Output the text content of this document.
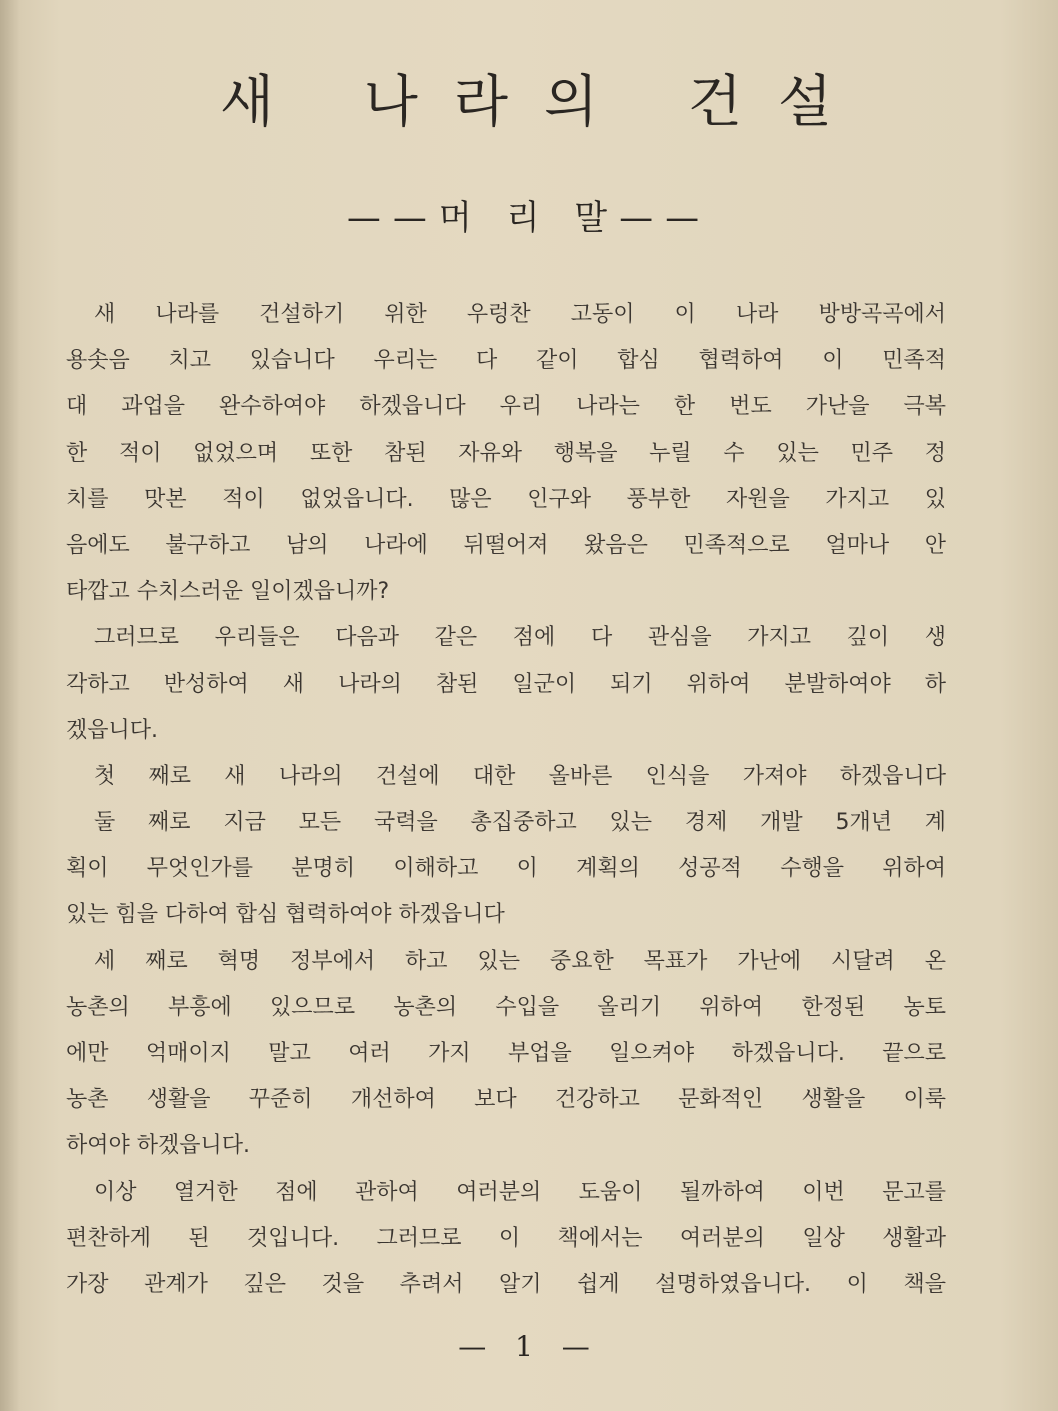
새 나라의 건설
——머 리 말——
새 나라를 건설하기 위한 우렁찬 고동이 이 나라 방방곡곡에서
용솟음 치고 있습니다 우리는 다 같이 합심 협력하여 이 민족적
대 과업을 완수하여야 하겠읍니다 우리 나라는 한 번도 가난을 극복
한 적이 없었으며 또한 참된 자유와 행복을 누릴 수 있는 민주 정
치를 맛본 적이 없었읍니다. 많은 인구와 풍부한 자원을 가지고 있
음에도 불구하고 남의 나라에 뒤떨어져 왔음은 민족적으로 얼마나 안
타깝고 수치스러운 일이겠읍니까?
그러므로 우리들은 다음과 같은 점에 다 관심을 가지고 깊이 생
각하고 반성하여 새 나라의 참된 일군이 되기 위하여 분발하여야 하
겠읍니다.
첫 째로 새 나라의 건설에 대한 올바른 인식을 가져야 하겠읍니다
둘 째로 지금 모든 국력을 총집중하고 있는 경제 개발 5개년 계
획이 무엇인가를 분명히 이해하고 이 계획의 성공적 수행을 위하여
있는 힘을 다하여 합심 협력하여야 하겠읍니다
세 째로 혁명 정부에서 하고 있는 중요한 목표가 가난에 시달려 온
농촌의 부흥에 있으므로 농촌의 수입을 올리기 위하여 한정된 농토
에만 억매이지 말고 여러 가지 부업을 일으켜야 하겠읍니다. 끝으로
농촌 생활을 꾸준히 개선하여 보다 건강하고 문화적인 생활을 이룩
하여야 하겠읍니다.
이상 열거한 점에 관하여 여러분의 도움이 될까하여 이번 문고를
편찬하게 된 것입니다. 그러므로 이 책에서는 여러분의 일상 생활과
가장 관계가 깊은 것을 추려서 알기 쉽게 설명하였읍니다. 이 책을
— 1 —
